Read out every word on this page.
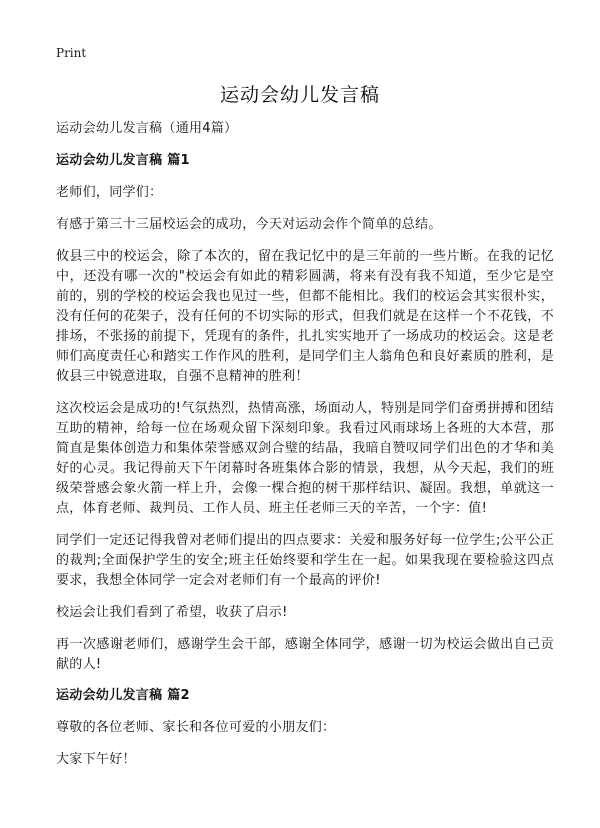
Print
运动会幼儿发言稿

运动会幼儿发言稿（通用4篇）

运动会幼儿发言稿 篇1

老师们，同学们：

有感于第三十三届校运会的成功，今天对运动会作个简单的总结。

攸县三中的校运会，除了本次的，留在我记忆中的是三年前的一些片断。在我的记忆中，还没有哪一次的"校运会有如此的精彩圆满，将来有没有我不知道，至少它是空前的，别的学校的校运会我也见过一些，但都不能相比。我们的校运会其实很朴实，没有任何的花架子，没有任何的不切实际的形式，但我们就是在这样一个不花钱，不排场，不张扬的前提下，凭现有的条件，扎扎实实地开了一场成功的校运会。这是老师们高度责任心和踏实工作作风的胜利，是同学们主人翁角色和良好素质的胜利，是攸县三中锐意进取，自强不息精神的胜利！

这次校运会是成功的!气氛热烈，热情高涨，场面动人，特别是同学们奋勇拼搏和团结互助的精神，给每一位在场观众留下深刻印象。我看过风雨球场上各班的大本营，那简直是集体创造力和集体荣誉感双剑合璧的结晶，我暗自赞叹同学们出色的才华和美好的心灵。我记得前天下午闭幕时各班集体合影的情景，我想，从今天起，我们的班级荣誉感会象火箭一样上升，会像一棵合抱的树干那样结识、凝固。我想，单就这一点，体育老师、裁判员、工作人员、班主任老师三天的辛苦，一个字：值!

同学们一定还记得我曾对老师们提出的四点要求：关爱和服务好每一位学生;公平公正的裁判;全面保护学生的安全;班主任始终要和学生在一起。如果我现在要检验这四点要求，我想全体同学一定会对老师们有一个最高的评价!

校运会让我们看到了希望，收获了启示!

再一次感谢老师们，感谢学生会干部，感谢全体同学，感谢一切为校运会做出自己贡献的人!

运动会幼儿发言稿 篇2

尊敬的各位老师、家长和各位可爱的小朋友们：

大家下午好！
